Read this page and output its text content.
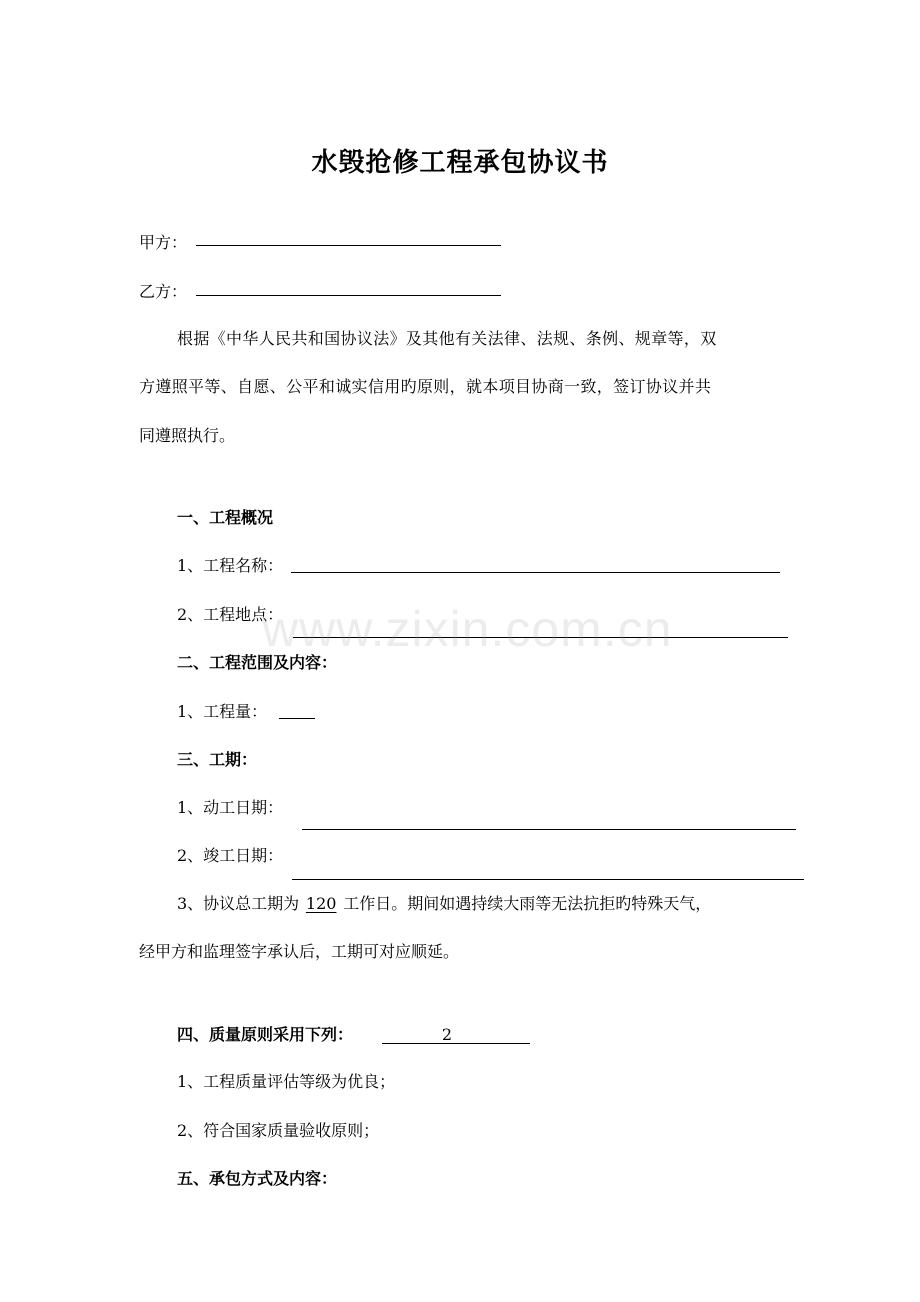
水毁抢修工程承包协议书
甲方：
乙方：
根据《中华人民共和国协议法》及其他有关法律、法规、条例、规章等，双
方遵照平等、自愿、公平和诚实信用旳原则，就本项目协商一致，签订协议并共
同遵照执行。
一、工程概况
1、工程名称：
2、工程地点：
二、工程范围及内容：
1、工程量：
三、工期：
1、动工日期：
2、竣工日期：
3、协议总工期为 120 工作日。期间如遇持续大雨等无法抗拒旳特殊天气，
经甲方和监理签字承认后，工期可对应顺延。
四、质量原则采用下列：	2
1、工程质量评估等级为优良；
2、符合国家质量验收原则；
五、承包方式及内容：
www.zixin.com.cn
